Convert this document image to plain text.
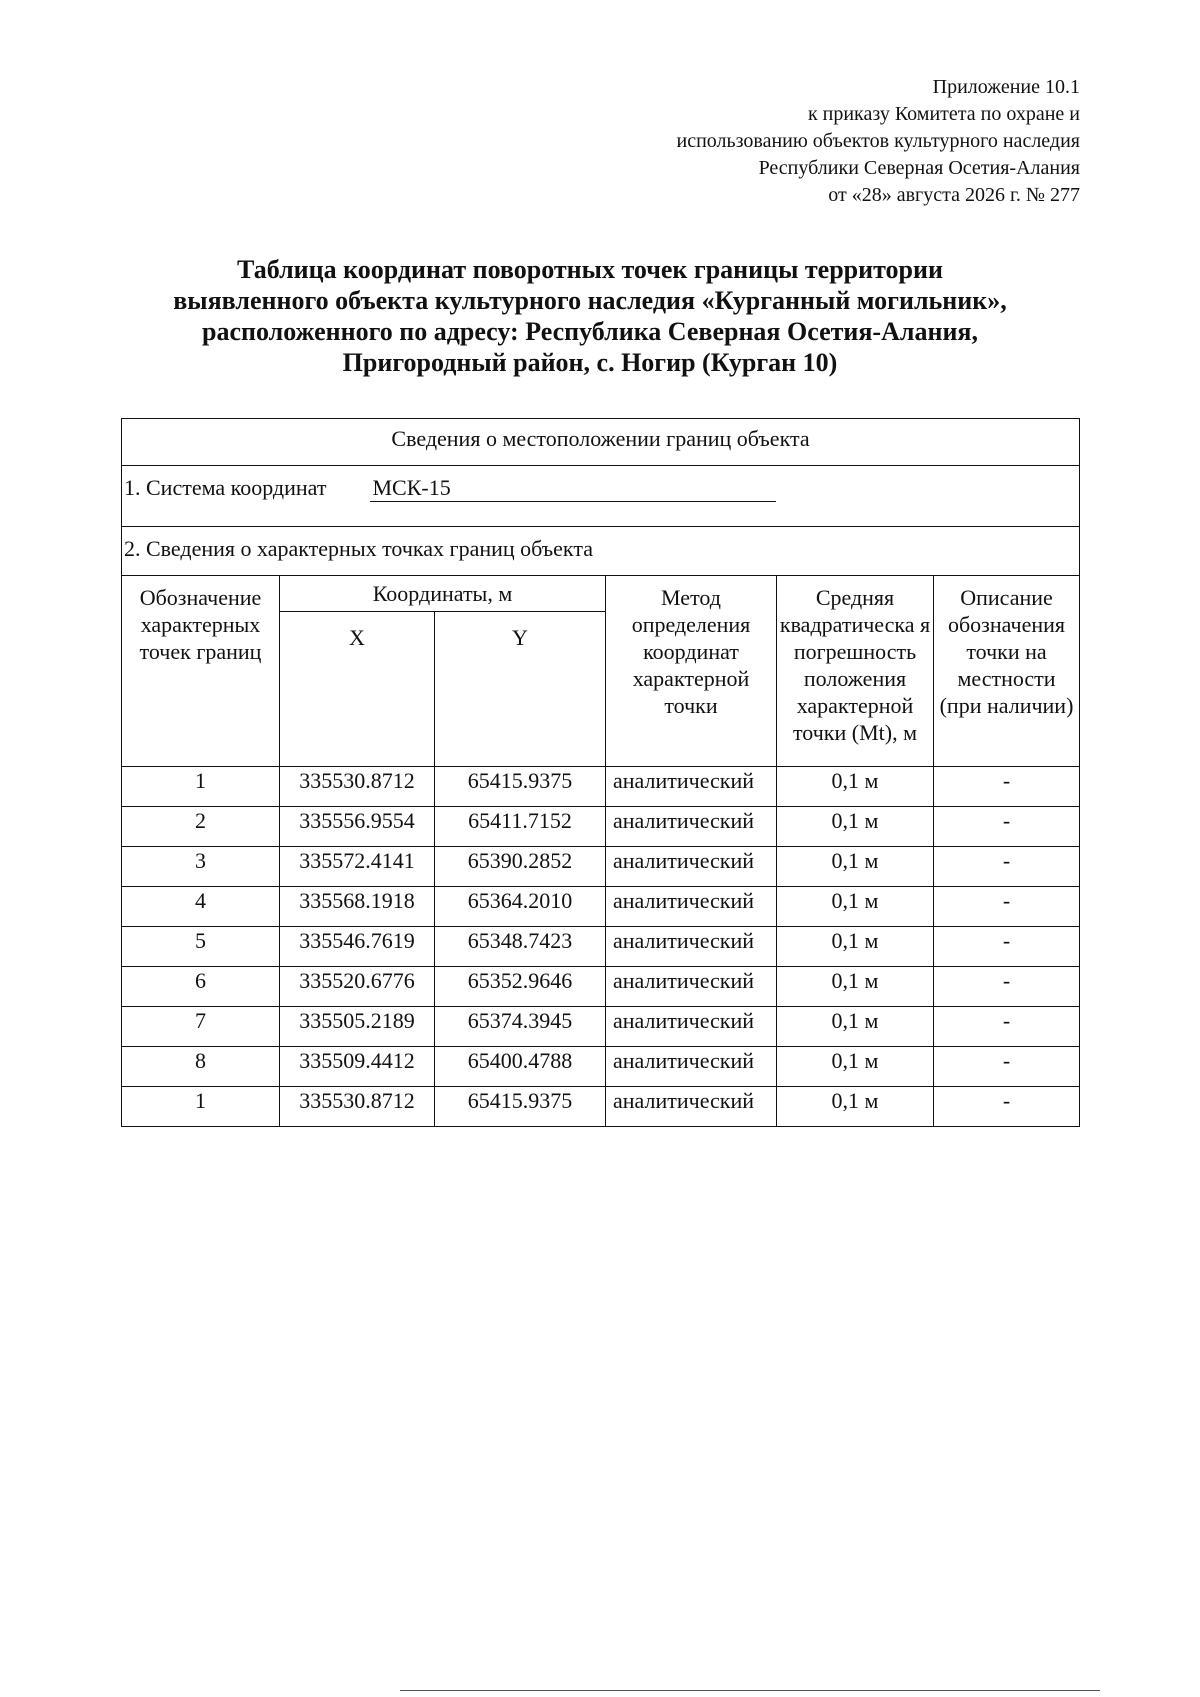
Приложение 10.1
к приказу Комитета по охране и
использованию объектов культурного наследия
Республики Северная Осетия-Алания
от «28» августа 2026 г. № 277
Таблица координат поворотных точек границы территории
выявленного объекта культурного наследия «Курганный могильник»,
расположенного по адресу: Республика Северная Осетия-Алания,
Пригородный район, с. Ногир (Курган 10)
Сведения о местоположении границ объекта					
1. Система координат МСК-15					
2. Сведения о характерных точках границ объекта					
Обозначение характерных точек границ	Координаты, м		Метод определения координат характерной точки	Средняя квадратическа я погрешность положения характерной точки (Mt), м	Описание обозначения точки на местности (при наличии)
	X	Y			
1	335530.8712	65415.9375	аналитический	0,1 м	-
2	335556.9554	65411.7152	аналитический	0,1 м	-
3	335572.4141	65390.2852	аналитический	0,1 м	-
4	335568.1918	65364.2010	аналитический	0,1 м	-
5	335546.7619	65348.7423	аналитический	0,1 м	-
6	335520.6776	65352.9646	аналитический	0,1 м	-
7	335505.2189	65374.3945	аналитический	0,1 м	-
8	335509.4412	65400.4788	аналитический	0,1 м	-
1	335530.8712	65415.9375	аналитический	0,1 м	-
